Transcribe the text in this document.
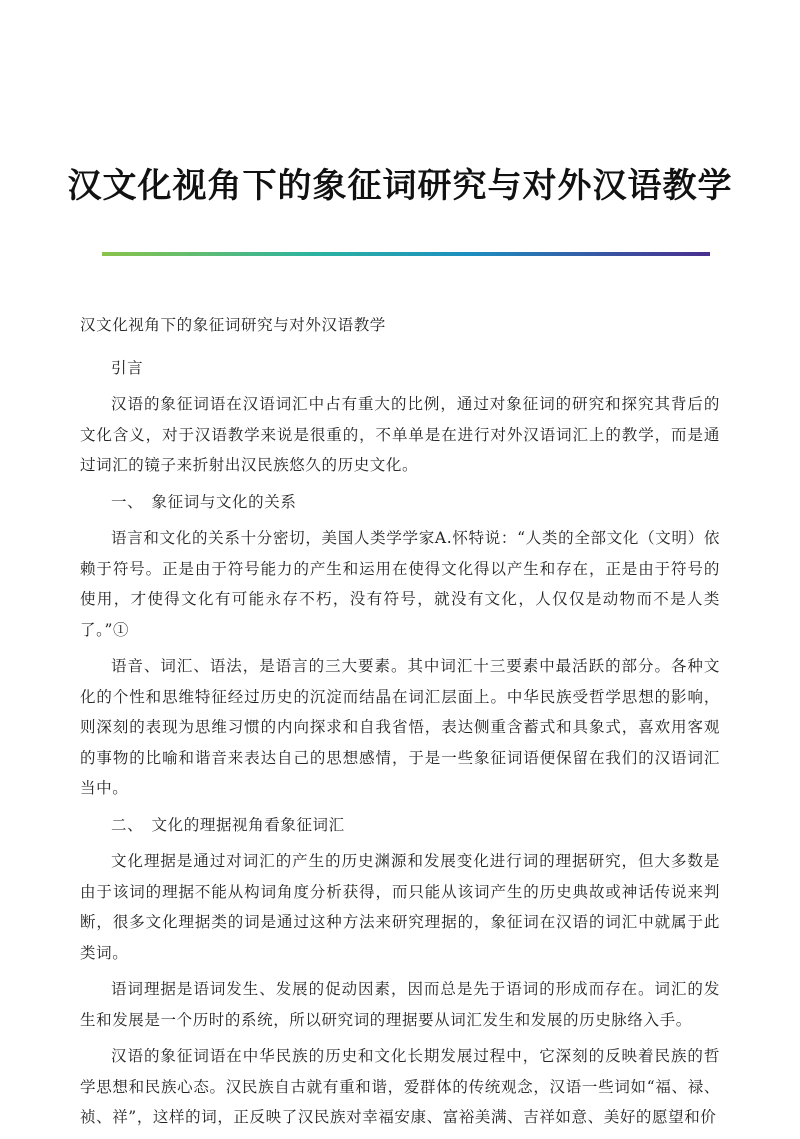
汉文化视角下的象征词研究与对外汉语教学

汉文化视角下的象征词研究与对外汉语教学

引言

汉语的象征词语在汉语词汇中占有重大的比例，通过对象征词的研究和探究其背后的文化含义，对于汉语教学来说是很重的，不单单是在进行对外汉语词汇上的教学，而是通过词汇的镜子来折射出汉民族悠久的历史文化。

一、　象征词与文化的关系

语言和文化的关系十分密切，美国人类学学家A.怀特说：“人类的全部文化（文明）依赖于符号。正是由于符号能力的产生和运用在使得文化得以产生和存在，正是由于符号的使用，才使得文化有可能永存不朽，没有符号，就没有文化，人仅仅是动物而不是人类了。”①

语音、词汇、语法，是语言的三大要素。其中词汇十三要素中最活跃的部分。各种文化的个性和思维特征经过历史的沉淀而结晶在词汇层面上。中华民族受哲学思想的影响，则深刻的表现为思维习惯的内向探求和自我省悟，表达侧重含蓄式和具象式，喜欢用客观的事物的比喻和谐音来表达自己的思想感情，于是一些象征词语便保留在我们的汉语词汇当中。

二、　文化的理据视角看象征词汇

文化理据是通过对词汇的产生的历史渊源和发展变化进行词的理据研究，但大多数是由于该词的理据不能从构词角度分析获得，而只能从该词产生的历史典故或神话传说来判断，很多文化理据类的词是通过这种方法来研究理据的，象征词在汉语的词汇中就属于此类词。

语词理据是语词发生、发展的促动因素，因而总是先于语词的形成而存在。词汇的发生和发展是一个历时的系统，所以研究词的理据要从词汇发生和发展的历史脉络入手。

汉语的象征词语在中华民族的历史和文化长期发展过程中，它深刻的反映着民族的哲学思想和民族心态。汉民族自古就有重和谐，爱群体的传统观念，汉语一些词如“福、禄、祯、祥”，这样的词，正反映了汉民族对幸福安康、富裕美满、吉祥如意、美好的愿望和价
